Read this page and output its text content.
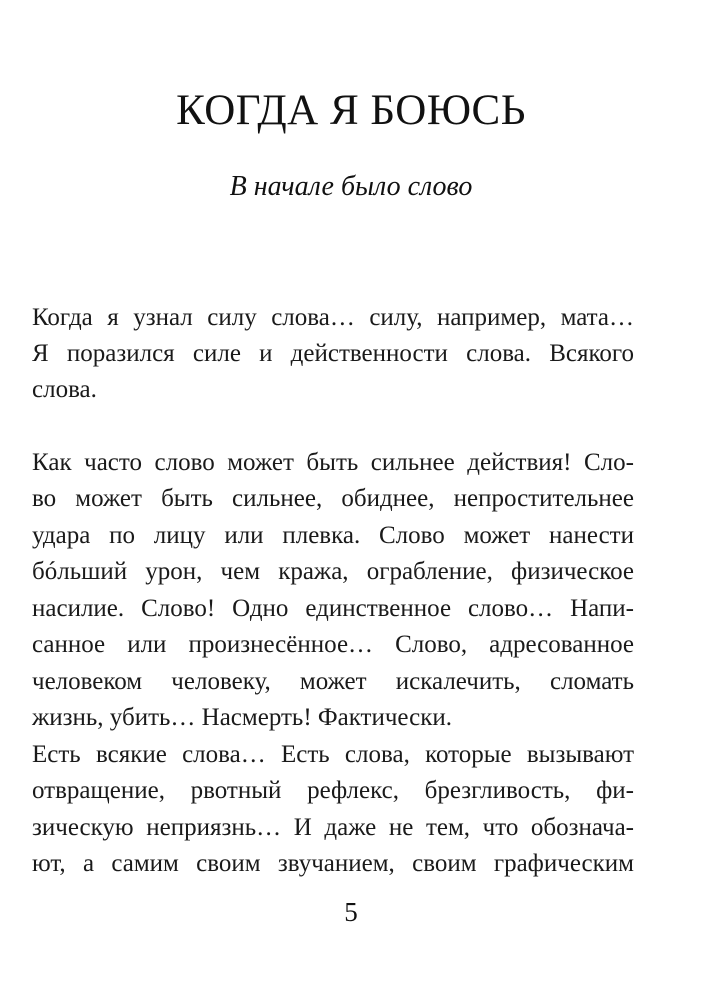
КОГДА Я БОЮСЬ
В начале было слово
Когда я узнал силу слова… силу, например, мата…
Я поразился силе и действенности слова. Всякого
слова.
Как часто слово может быть сильнее действия! Сло-
во может быть сильнее, обиднее, непростительнее
удара по лицу или плевка. Слово может нанести
бóльший урон, чем кража, ограбление, физическое
насилие. Слово! Одно единственное слово… Напи-
санное или произнесённое… Слово, адресованное
человеком человеку, может искалечить, сломать
жизнь, убить… Насмерть! Фактически.
Есть всякие слова… Есть слова, которые вызывают
отвращение, рвотный рефлекс, брезгливость, фи-
зическую неприязнь… И даже не тем, что обознача-
ют, а самим своим звучанием, своим графическим
5
